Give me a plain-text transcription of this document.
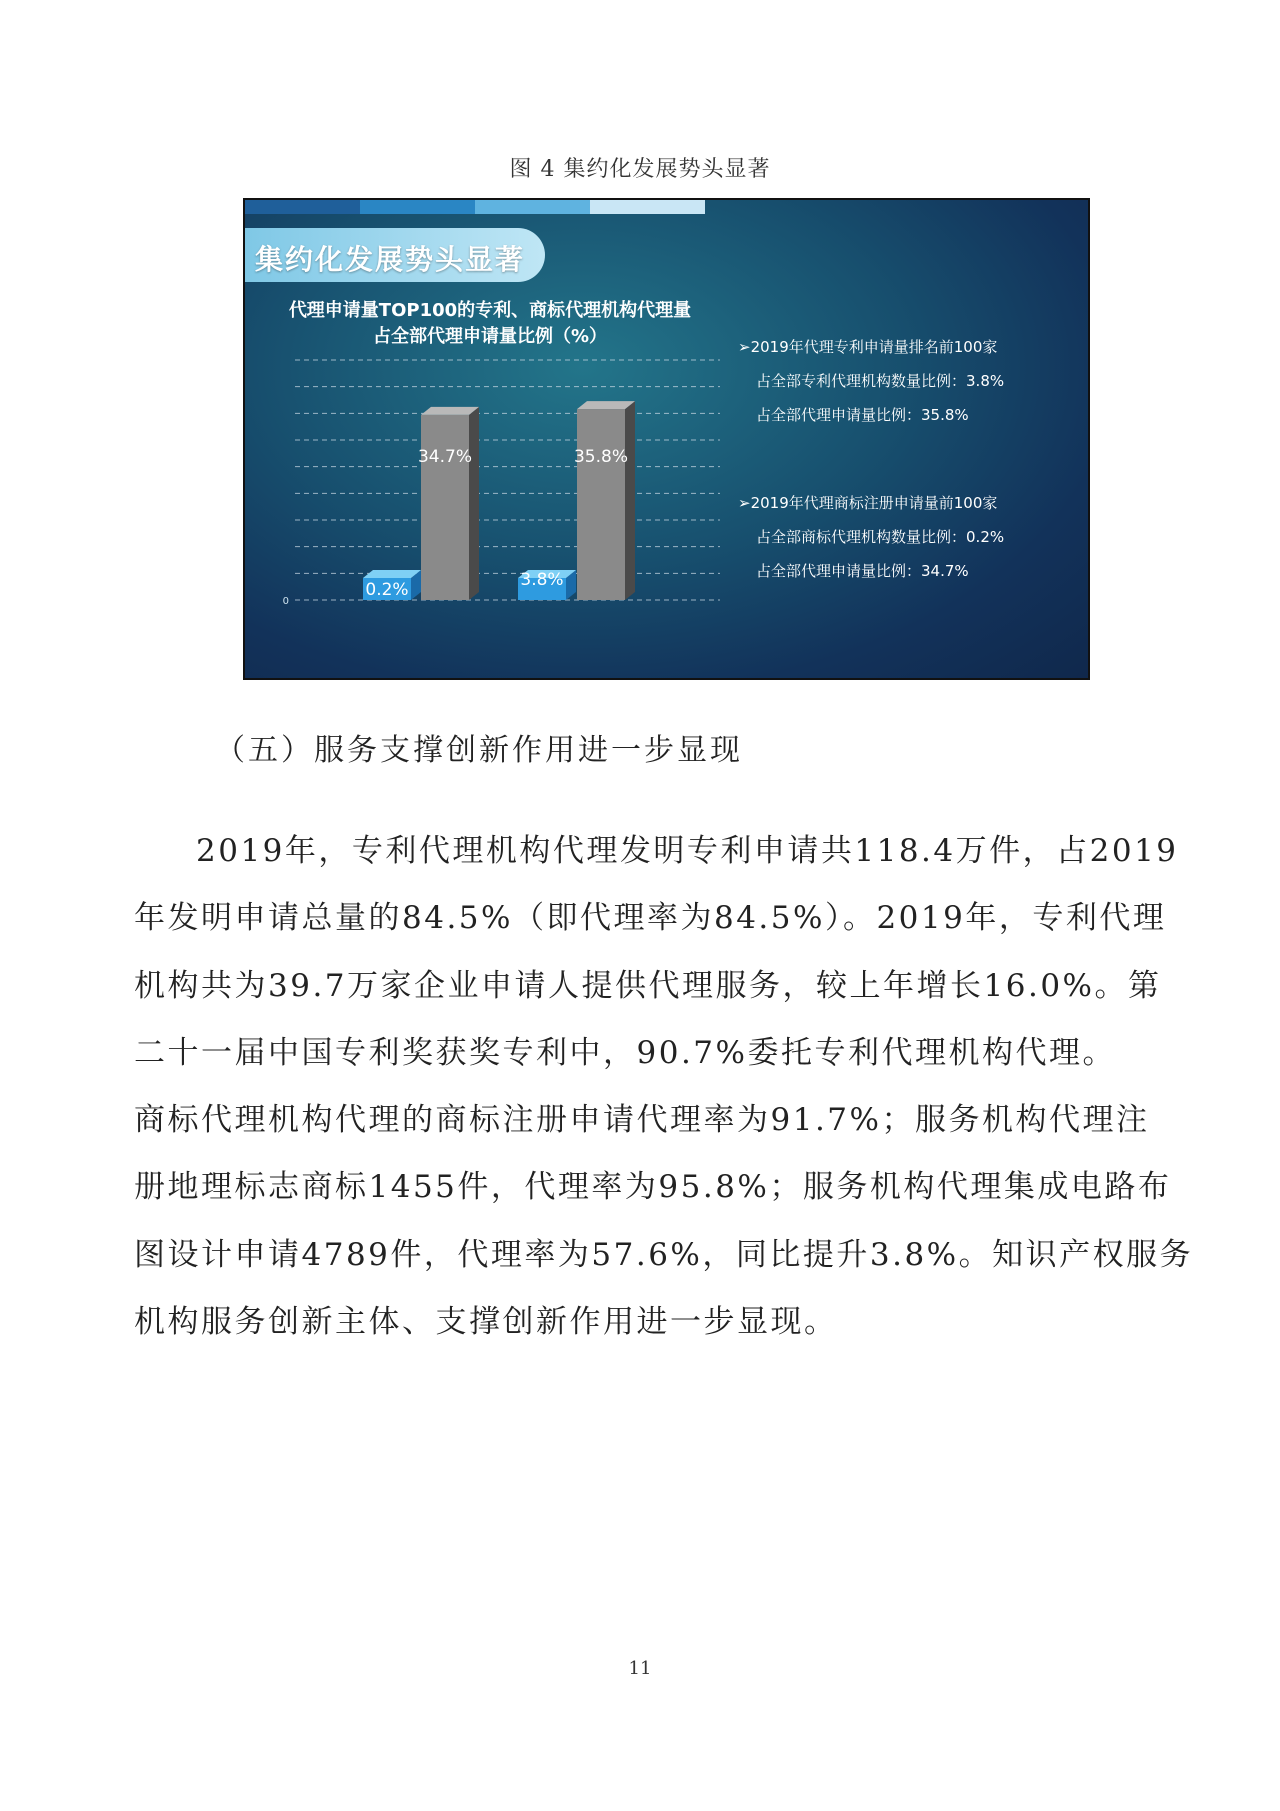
图 4 集约化发展势头显著
集约化发展势头显著
代理申请量TOP100的专利、商标代理机构代理量
占全部代理申请量比例（%）
0
0.2%
34.7%
3.8%
35.8%
➢2019年代理专利申请量排名前100家
占全部专利代理机构数量比例：3.8%
占全部代理申请量比例：35.8%
➢2019年代理商标注册申请量前100家
占全部商标代理机构数量比例：0.2%
占全部代理申请量比例：34.7%
（五）服务支撑创新作用进一步显现

2019年，专利代理机构代理发明专利申请共118.4万件，占2019
年发明申请总量的84.5%（即代理率为84.5%）。2019年，专利代理
机构共为39.7万家企业申请人提供代理服务，较上年增长16.0%。第
二十一届中国专利奖获奖专利中，90.7%委托专利代理机构代理。
商标代理机构代理的商标注册申请代理率为91.7%；服务机构代理注
册地理标志商标1455件，代理率为95.8%；服务机构代理集成电路布
图设计申请4789件，代理率为57.6%，同比提升3.8%。知识产权服务
机构服务创新主体、支撑创新作用进一步显现。

11
